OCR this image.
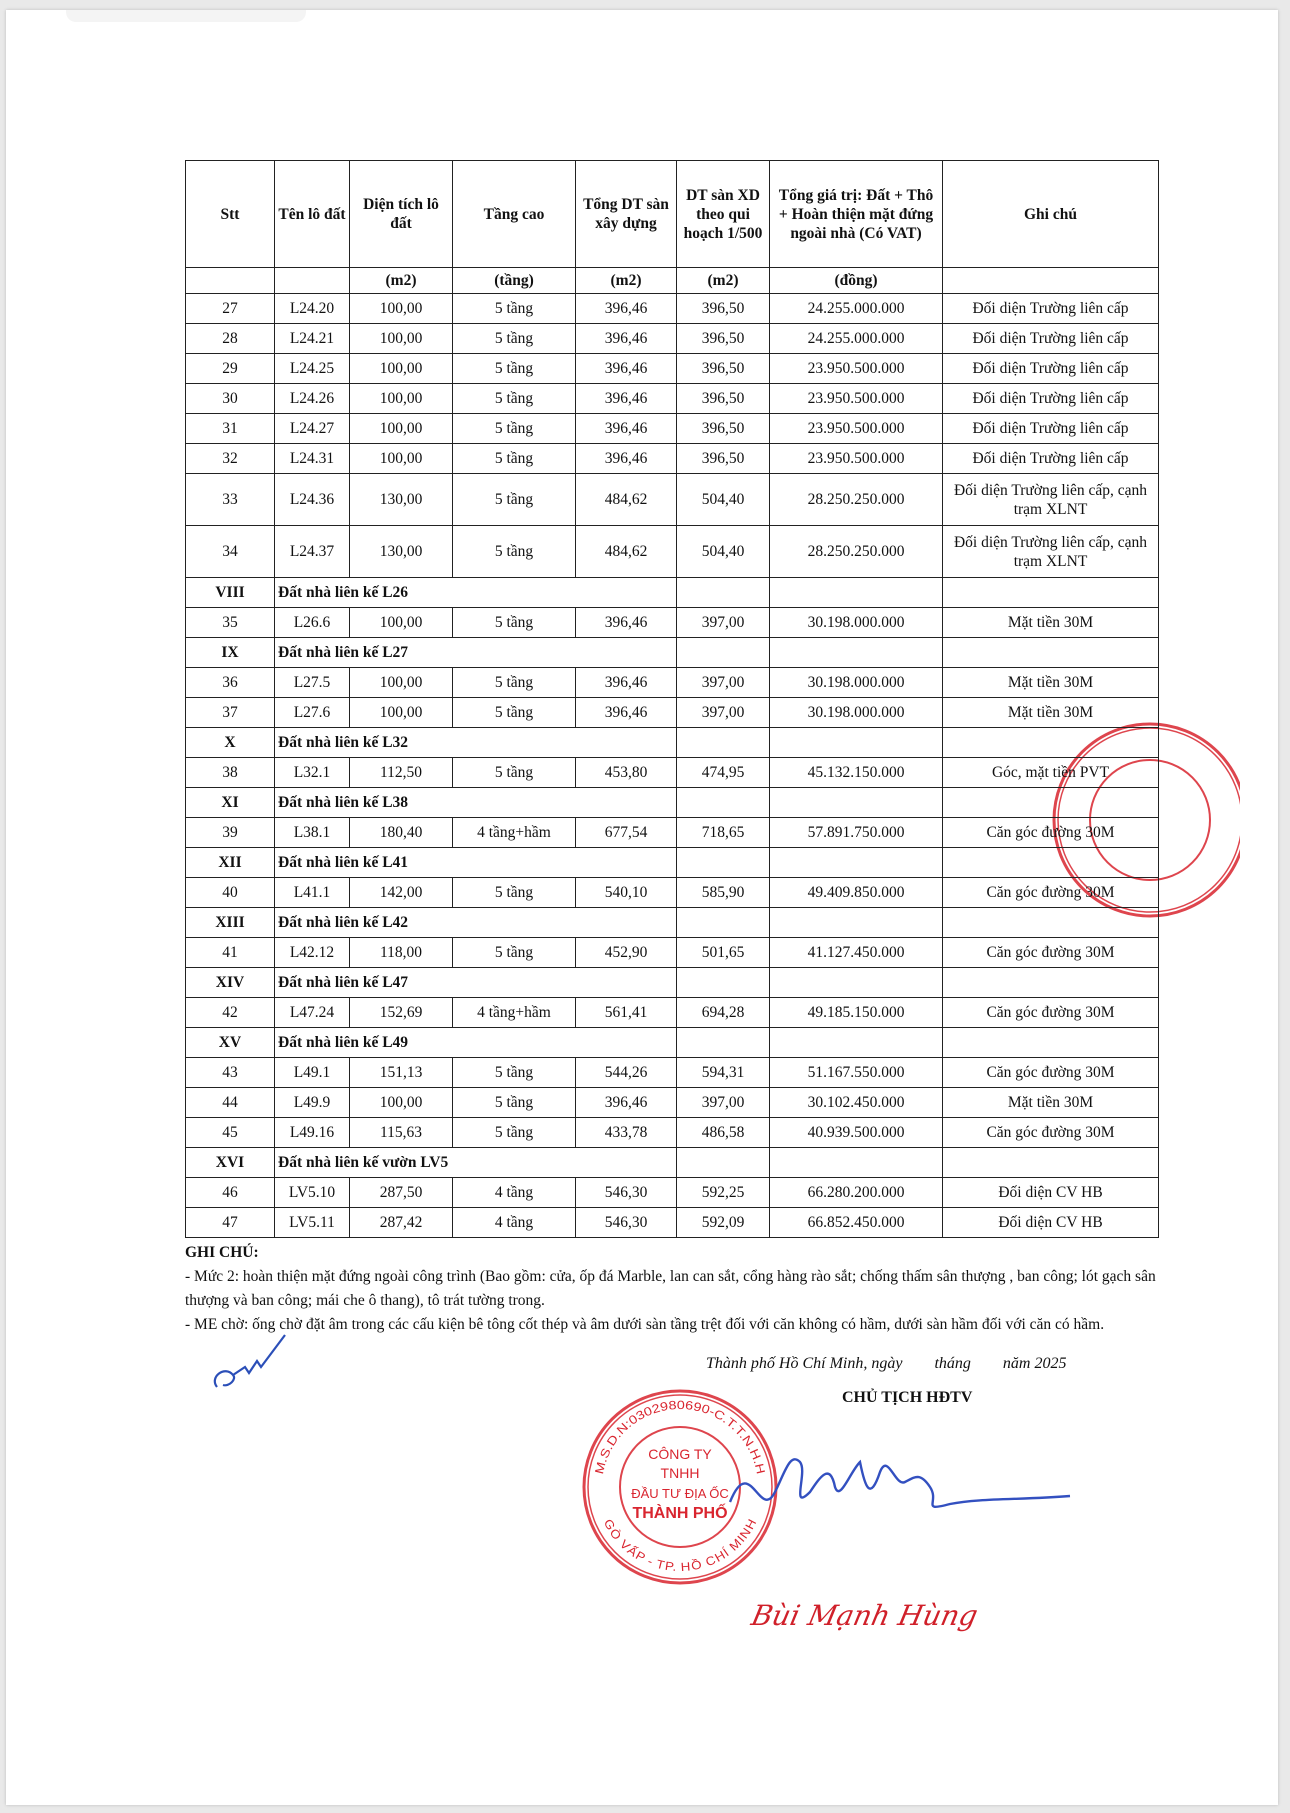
Stt	Tên lô đất	Diện tích lô đất	Tầng cao	Tổng DT sàn xây dựng	DT sàn XD theo qui hoạch 1/500	Tổng giá trị: Đất + Thô + Hoàn thiện mặt đứng ngoài nhà (Có VAT)	Ghi chú
		(m2)	(tầng)	(m2)	(m2)	(đồng)	
27	L24.20	100,00	5 tầng	396,46	396,50	24.255.000.000	Đối diện Trường liên cấp
28	L24.21	100,00	5 tầng	396,46	396,50	24.255.000.000	Đối diện Trường liên cấp
29	L24.25	100,00	5 tầng	396,46	396,50	23.950.500.000	Đối diện Trường liên cấp
30	L24.26	100,00	5 tầng	396,46	396,50	23.950.500.000	Đối diện Trường liên cấp
31	L24.27	100,00	5 tầng	396,46	396,50	23.950.500.000	Đối diện Trường liên cấp
32	L24.31	100,00	5 tầng	396,46	396,50	23.950.500.000	Đối diện Trường liên cấp
33	L24.36	130,00	5 tầng	484,62	504,40	28.250.250.000	Đối diện Trường liên cấp, cạnh trạm XLNT
34	L24.37	130,00	5 tầng	484,62	504,40	28.250.250.000	Đối diện Trường liên cấp, cạnh trạm XLNT
VIII	Đất nhà liên kế L26						
35	L26.6	100,00	5 tầng	396,46	397,00	30.198.000.000	Mặt tiền 30M
IX	Đất nhà liên kế L27						
36	L27.5	100,00	5 tầng	396,46	397,00	30.198.000.000	Mặt tiền 30M
37	L27.6	100,00	5 tầng	396,46	397,00	30.198.000.000	Mặt tiền 30M
X	Đất nhà liên kế L32						
38	L32.1	112,50	5 tầng	453,80	474,95	45.132.150.000	Góc, mặt tiền PVT
XI	Đất nhà liên kế L38						
39	L38.1	180,40	4 tầng+hầm	677,54	718,65	57.891.750.000	Căn góc đường 30M
XII	Đất nhà liên kế L41						
40	L41.1	142,00	5 tầng	540,10	585,90	49.409.850.000	Căn góc đường 30M
XIII	Đất nhà liên kế L42						
41	L42.12	118,00	5 tầng	452,90	501,65	41.127.450.000	Căn góc đường 30M
XIV	Đất nhà liên kế L47						
42	L47.24	152,69	4 tầng+hầm	561,41	694,28	49.185.150.000	Căn góc đường 30M
XV	Đất nhà liên kế L49						
43	L49.1	151,13	5 tầng	544,26	594,31	51.167.550.000	Căn góc đường 30M
44	L49.9	100,00	5 tầng	396,46	397,00	30.102.450.000	Mặt tiền 30M
45	L49.16	115,63	5 tầng	433,78	486,58	40.939.500.000	Căn góc đường 30M
XVI	Đất nhà liên kế vườn LV5						
46	LV5.10	287,50	4 tầng	546,30	592,25	66.280.200.000	Đối diện CV HB
47	LV5.11	287,42	4 tầng	546,30	592,09	66.852.450.000	Đối diện CV HB
GHI CHÚ:
- Mức 2: hoàn thiện mặt đứng ngoài công trình (Bao gồm: cửa, ốp đá Marble, lan can sắt, cổng hàng rào sắt; chống thấm sân thượng , ban công; lót gạch sân thượng và ban công; mái che ô thang), tô trát tường trong.
- ME chờ: ống chờ đặt âm trong các cấu kiện bê tông cốt thép và âm dưới sàn tầng trệt đối với căn không có hầm, dưới sàn hầm đối với căn có hầm.
Thành phố Hồ Chí Minh, ngày        tháng        năm 2025
CHỦ TỊCH HĐTV
M.S.D.N:0302980690-C.T.T.N.H.H
GÒ VẤP - TP. HỒ CHÍ MINH
CÔNG TY
TNHH
ĐẦU TƯ ĐỊA ỐC
THÀNH PHỐ
Bùi Mạnh Hùng
